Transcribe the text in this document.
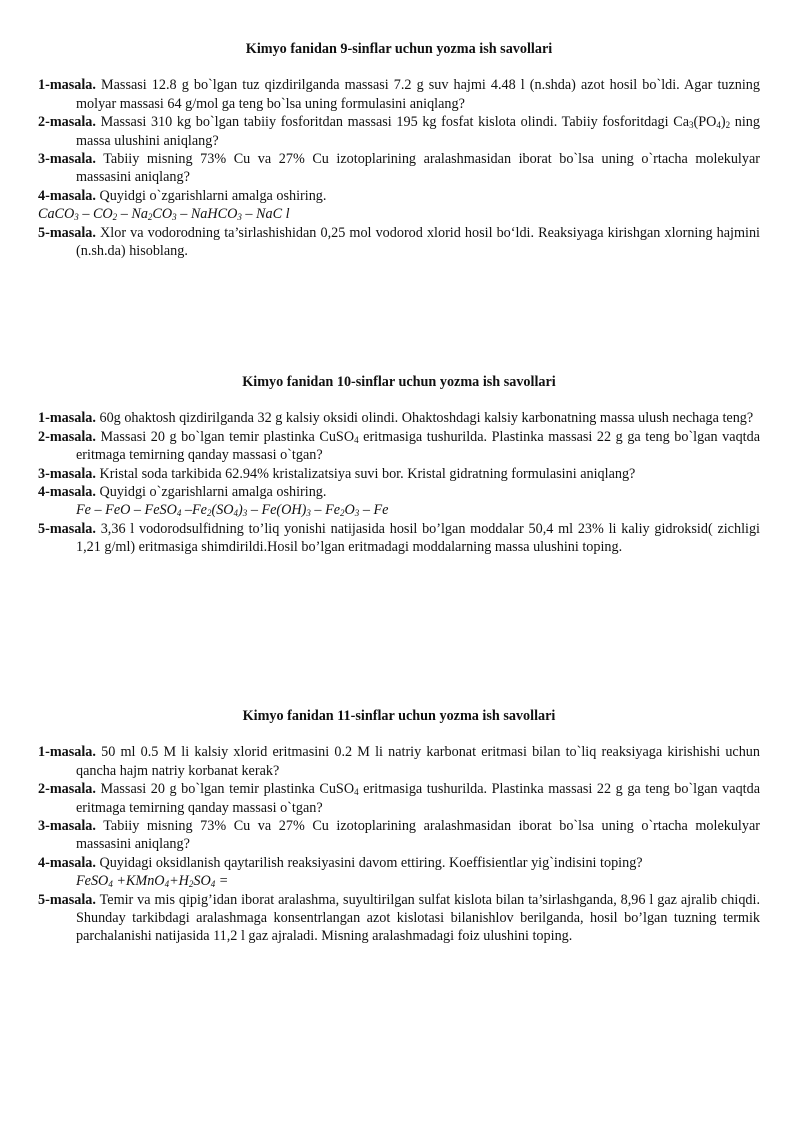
Kimyo fanidan 9-sinflar uchun yozma ish savollari

1-masala. Massasi 12.8 g bo`lgan tuz qizdirilganda massasi 7.2 g suv hajmi 4.48 l (n.shda) azot hosil bo`ldi. Agar tuzning molyar massasi 64 g/mol ga teng bo`lsa uning formulasini aniqlang?

2-masala. Massasi 310 kg bo`lgan tabiiy fosforitdan massasi 195 kg fosfat kislota olindi. Tabiiy fosforitdagi $Ca_3(PO_4)_2$ ning massa ulushini aniqlang?

3-masala. Tabiiy misning 73% Cu va 27% Cu izotoplarining aralashmasidan iborat bo`lsa uning o`rtacha molekulyar massasini aniqlang?

4-masala. Quyidgi o`zgarishlarni amalga oshiring.

CaCO$_3$ – $CO_2 - Na_2CO_3$ – NaHCO$_3$ – NaC l

5-masala. Xlor va vodorodning ta’sirlashishidan 0,25 mol vodorod xlorid hosil bo‘ldi. Reaksiyaga kirishgan xlorning hajmini (n.sh.da) hisoblang.

Kimyo fanidan 10-sinflar uchun yozma ish savollari

1-masala. 60g ohaktosh qizdirilganda 32 g kalsiy oksidi olindi. Ohaktoshdagi kalsiy karbonatning massa ulush nechaga teng?

2-masala. Massasi 20 g bo`lgan temir plastinka CuSO$_4$ eritmasiga tushurilda. Plastinka massasi 22 g ga teng bo`lgan vaqtda eritmaga temirning qanday massasi o`tgan?

3-masala. Kristal soda tarkibida 62.94% kristalizatsiya suvi bor. Kristal gidratning formulasini aniqlang?

4-masala. Quyidgi o`zgarishlarni amalga oshiring.

Fe – FeO – FeSO$_4$ $-Fe_2(SO_4)_3 - Fe(OH)_3 - Fe_2O_3$ – Fe

5-masala. 3,36 l vodorodsulfidning to’liq yonishi natijasida hosil bo’lgan moddalar 50,4 ml 23% li kaliy gidroksid( zichligi 1,21 g/ml) eritmasiga shimdirildi.Hosil bo’lgan eritmadagi moddalarning massa ulushini toping.

Kimyo fanidan 11-sinflar uchun yozma ish savollari

1-masala. 50 ml 0.5 M li kalsiy xlorid eritmasini 0.2 M li natriy karbonat eritmasi bilan to`liq reaksiyaga kirishishi uchun qancha hajm natriy korbanat kerak?

2-masala. Massasi 20 g bo`lgan temir plastinka CuSO$_4$ eritmasiga tushurilda. Plastinka massasi 22 g ga teng bo`lgan vaqtda eritmaga temirning qanday massasi o`tgan?

3-masala. Tabiiy misning 73% Cu va 27% Cu izotoplarining aralashmasidan iborat bo`lsa uning o`rtacha molekulyar massasini aniqlang?

4-masala. Quyidagi oksidlanish qaytarilish reaksiyasini davom ettiring. Koeffisientlar yig`indisini toping?

FeSO$_4$ $+KMnO_4+H_2SO_4$ =

5-masala. Temir va mis qipig’idan iborat aralashma, suyultirilgan sulfat kislota bilan ta’sirlashganda, 8,96 l gaz ajralib chiqdi. Shunday tarkibdagi aralashmaga konsentrlangan azot kislotasi bilanishlov berilganda, hosil bo’lgan tuzning termik parchalanishi natijasida 11,2 l gaz ajraladi. Misning aralashmadagi foiz ulushini toping.
